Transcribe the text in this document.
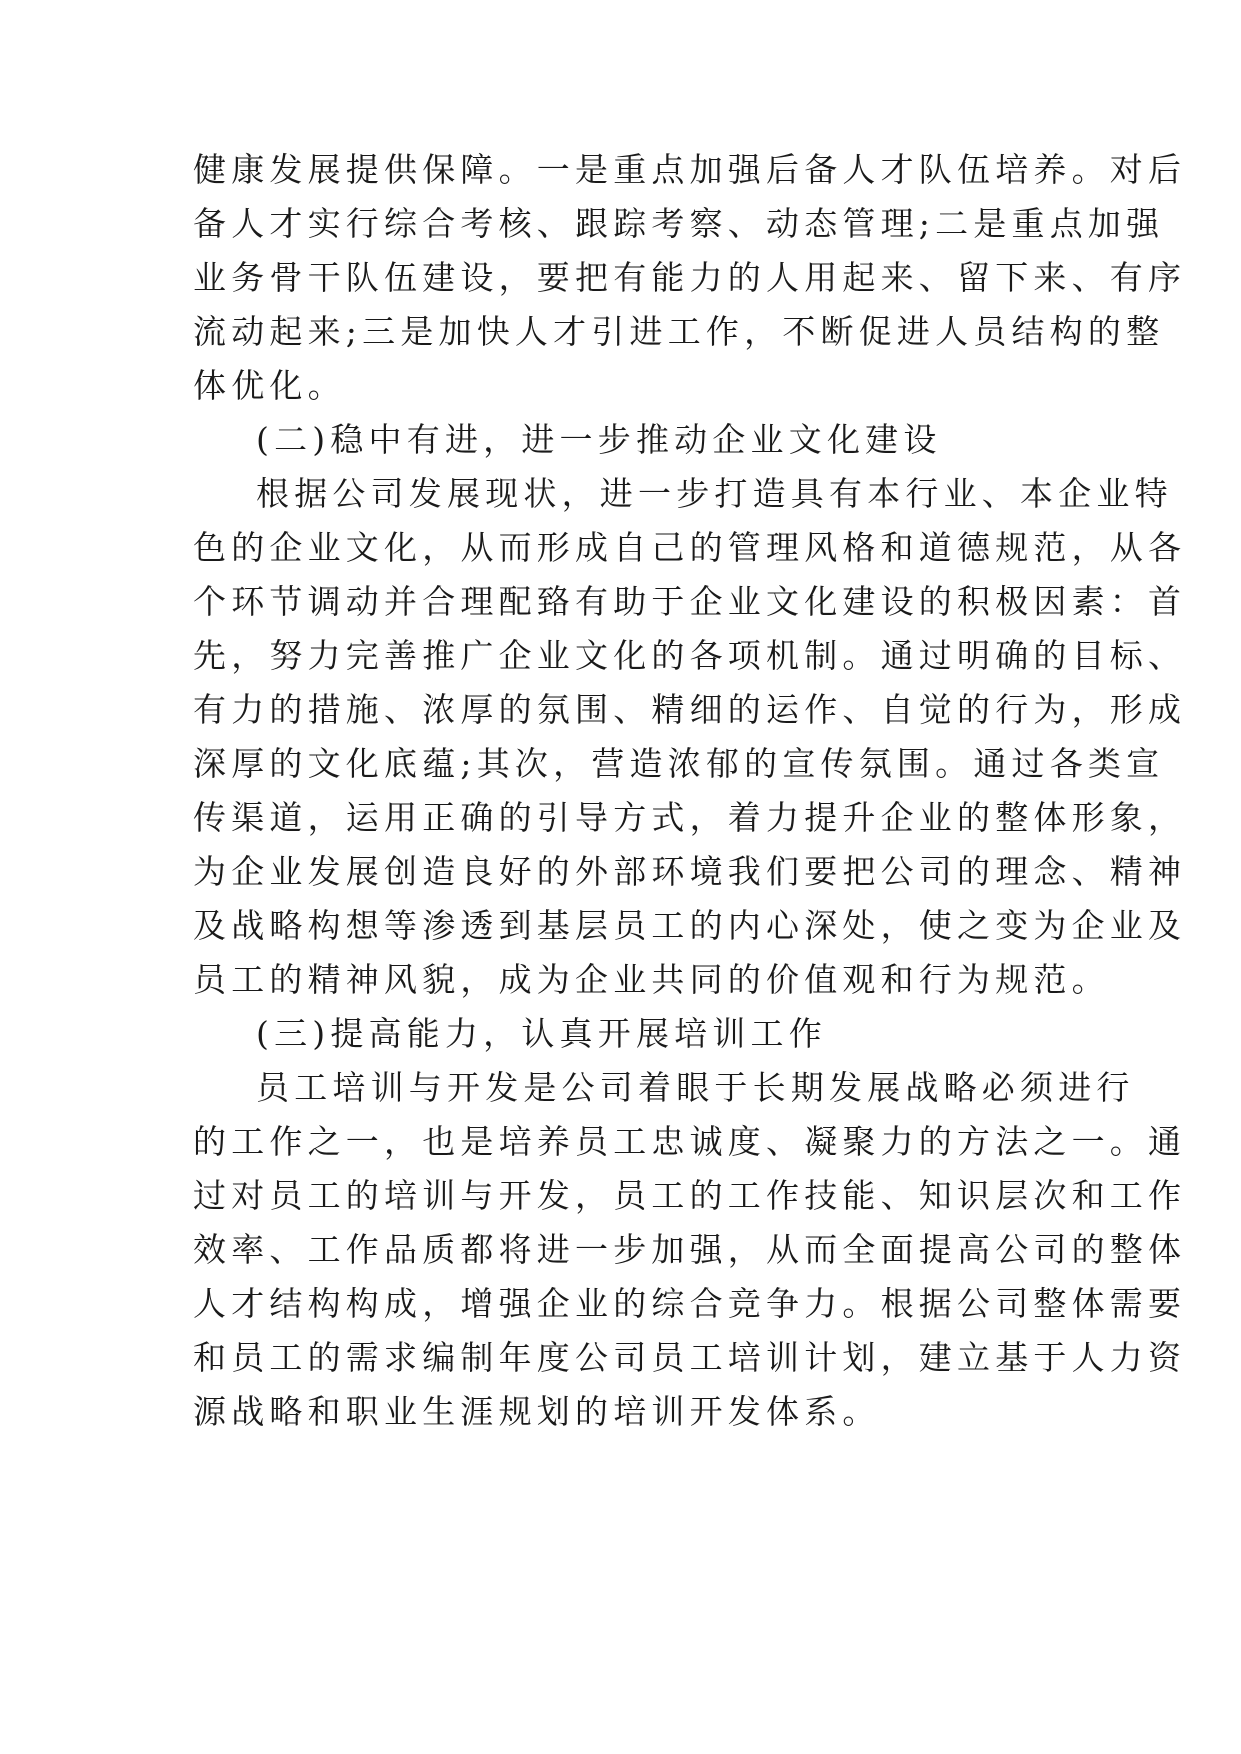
健康发展提供保障。一是重点加强后备人才队伍培养。对后
备人才实行综合考核、跟踪考察、动态管理;二是重点加强
业务骨干队伍建设，要把有能力的人用起来、留下来、有序
流动起来;三是加快人才引进工作，不断促进人员结构的整
体优化。
(二)稳中有进，进一步推动企业文化建设
根据公司发展现状，进一步打造具有本行业、本企业特
色的企业文化，从而形成自己的管理风格和道德规范，从各
个环节调动并合理配臵有助于企业文化建设的积极因素：首
先，努力完善推广企业文化的各项机制。通过明确的目标、
有力的措施、浓厚的氛围、精细的运作、自觉的行为，形成
深厚的文化底蕴;其次，营造浓郁的宣传氛围。通过各类宣
传渠道，运用正确的引导方式，着力提升企业的整体形象，
为企业发展创造良好的外部环境我们要把公司的理念、精神
及战略构想等渗透到基层员工的内心深处，使之变为企业及
员工的精神风貌，成为企业共同的价值观和行为规范。
(三)提高能力，认真开展培训工作
员工培训与开发是公司着眼于长期发展战略必须进行
的工作之一，也是培养员工忠诚度、凝聚力的方法之一。通
过对员工的培训与开发，员工的工作技能、知识层次和工作
效率、工作品质都将进一步加强，从而全面提高公司的整体
人才结构构成，增强企业的综合竞争力。根据公司整体需要
和员工的需求编制年度公司员工培训计划，建立基于人力资
源战略和职业生涯规划的培训开发体系。
